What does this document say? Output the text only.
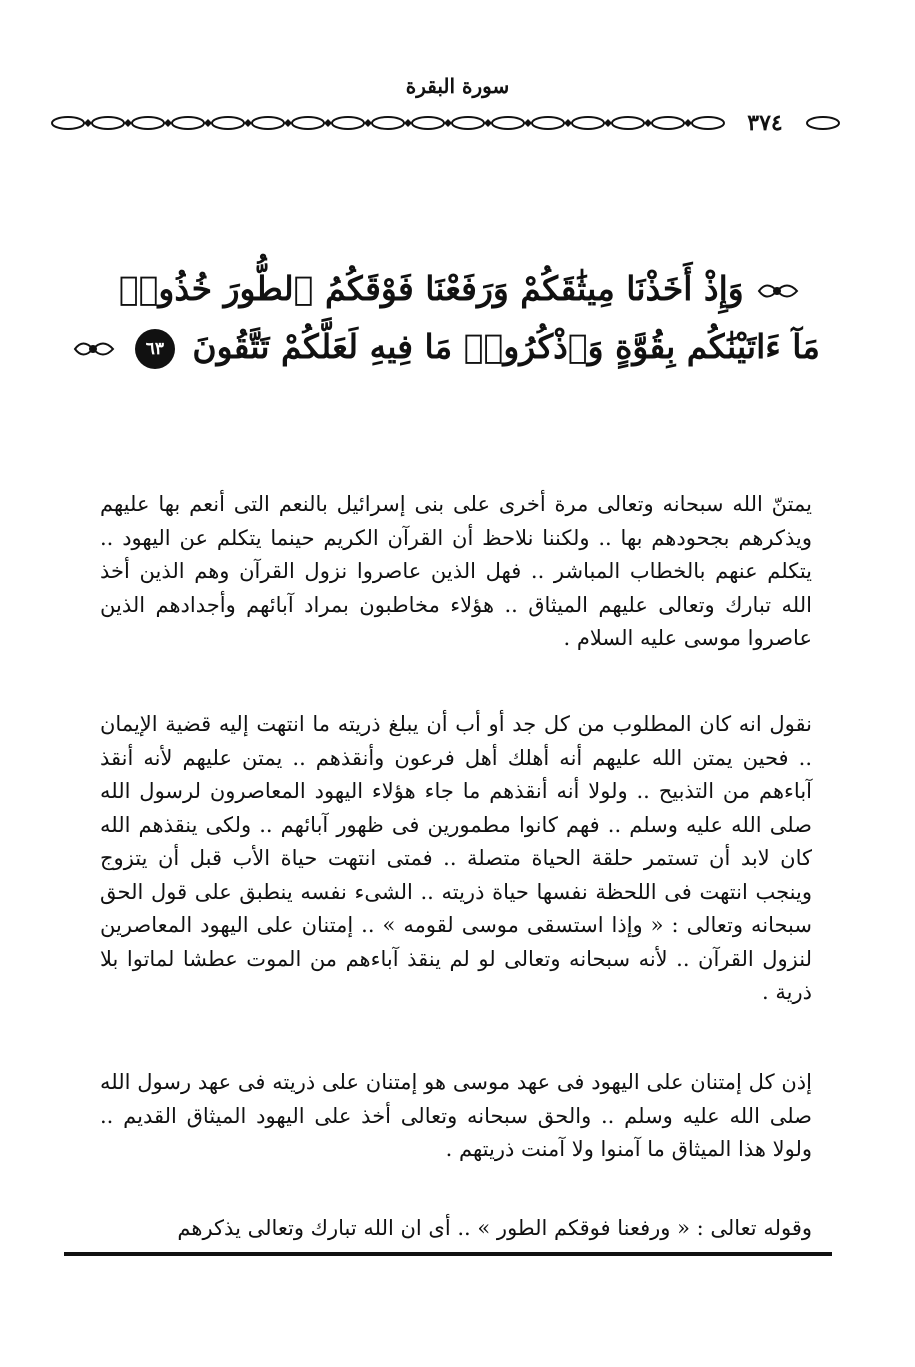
سورة البقرة
٣٧٤
وَإِذْ أَخَذْنَا مِيثَٰقَكُمْ وَرَفَعْنَا فَوْقَكُمُ ٱلطُّورَ خُذُوا۟
مَآ ءَاتَيْنَٰكُم بِقُوَّةٍ وَٱذْكُرُوا۟ مَا فِيهِ لَعَلَّكُمْ تَتَّقُونَ ٦٣

يمتنّ الله سبحانه وتعالى مرة أخرى على بنى إسرائيل بالنعم التى أنعم بها عليهم ويذكرهم بجحودهم بها .. ولكننا نلاحظ أن القرآن الكريم حينما يتكلم عن اليهود .. يتكلم عنهم بالخطاب المباشر .. فهل الذين عاصروا نزول القرآن وهم الذين أخذ الله تبارك وتعالى عليهم الميثاق .. هؤلاء مخاطبون بمراد آبائهم وأجدادهم الذين عاصروا موسى عليه السلام .

نقول انه كان المطلوب من كل جد أو أب أن يبلغ ذريته ما انتهت إليه قضية الإيمان .. فحين يمتن الله عليهم أنه أهلك أهل فرعون وأنقذهم .. يمتن عليهم لأنه أنقذ آباءهم من التذبيح .. ولولا أنه أنقذهم ما جاء هؤلاء اليهود المعاصرون لرسول الله صلى الله عليه وسلم .. فهم كانوا مطمورين فى ظهور آبائهم .. ولكى ينقذهم الله كان لابد أن تستمر حلقة الحياة متصلة .. فمتى انتهت حياة الأب قبل أن يتزوج وينجب انتهت فى اللحظة نفسها حياة ذريته .. الشىء نفسه ينطبق على قول الحق سبحانه وتعالى : « وإذا استسقى موسى لقومه » .. إمتنان على اليهود المعاصرين لنزول القرآن .. لأنه سبحانه وتعالى لو لم ينقذ آباءهم من الموت عطشا لماتوا بلا ذرية .

إذن كل إمتنان على اليهود فى عهد موسى هو إمتنان على ذريته فى عهد رسول الله صلى الله عليه وسلم .. والحق سبحانه وتعالى أخذ على اليهود الميثاق القديم .. ولولا هذا الميثاق ما آمنوا ولا آمنت ذريتهم .

وقوله تعالى : « ورفعنا فوقكم الطور » .. أى ان الله تبارك وتعالى يذكرهم
